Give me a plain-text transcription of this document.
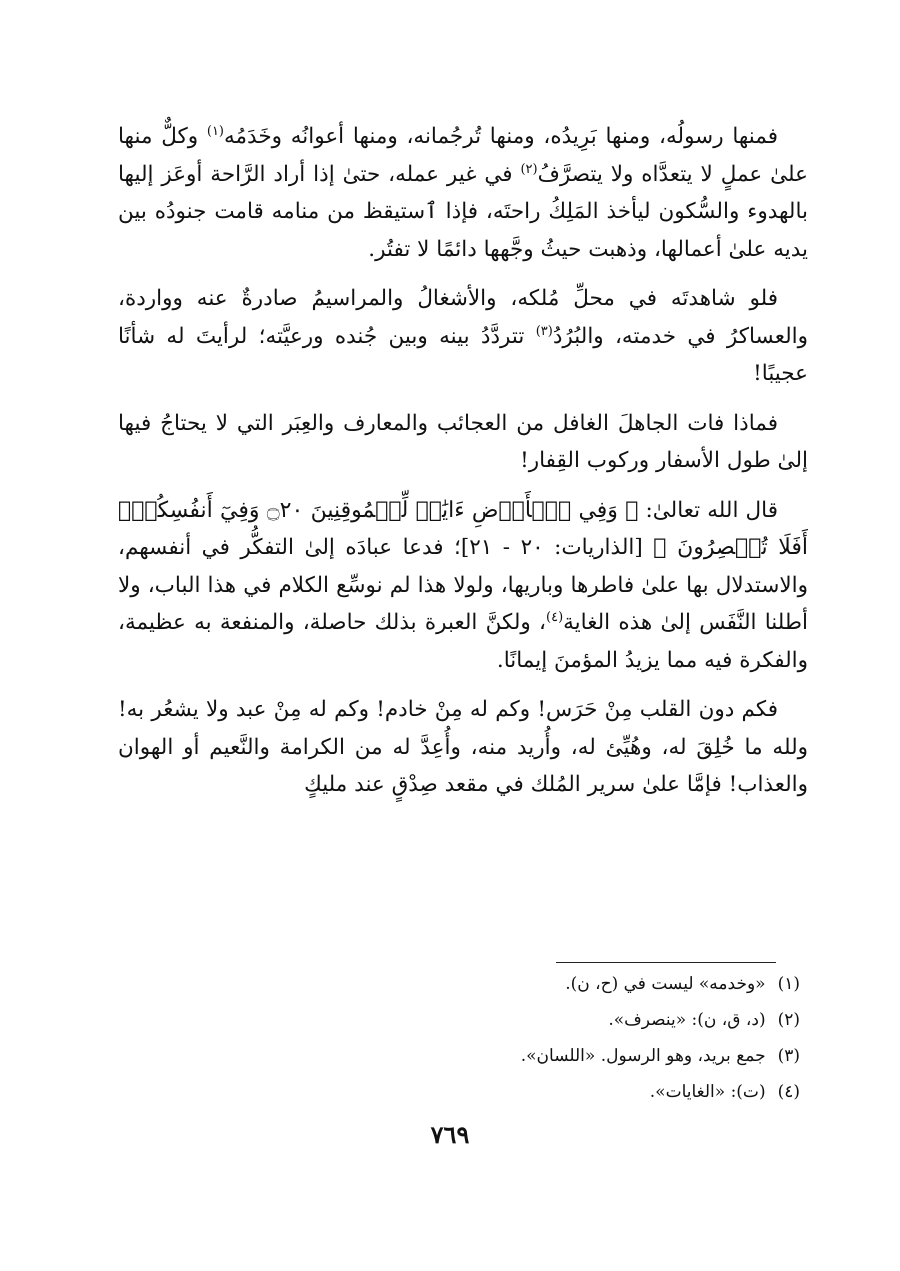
فمنها رسولُه، ومنها بَرِيدُه، ومنها تُرجُمانه، ومنها أعوانُه وخَدَمُه$^{(١)}$ وكلٌّ منها علىٰ عملٍ لا يتعدَّاه ولا يتصرَّفُ$^{(٢)}$ في غير عمله، حتىٰ إذا أراد الرَّاحة أوعَز إليها بالهدوء والسُّكون ليأخذ المَلِكُ راحتَه، فإذا ٱستيقظ من منامه قامت جنودُه بين يديه علىٰ أعمالها، وذهبت حيثُ وجَّهها دائمًا لا تفتُر.

فلو شاهدتَه في محلِّ مُلكه، والأشغالُ والمراسيمُ صادرةٌ عنه وواردة، والعساكرُ في خدمته، والبُرُدُ$^{(٣)}$ تتردَّدُ بينه وبين جُنده ورعيَّته؛ لرأيتَ له شأنًا عجيبًا!

فماذا فات الجاهلَ الغافل من العجائب والمعارف والعِبَر التي لا يحتاجُ فيها إلىٰ طول الأسفار وركوب القِفار!

قال الله تعالىٰ: ﴿ وَفِي ٱلۡأَرۡضِ ءَايَٰتٞ لِّلۡمُوقِنِينَ ۝٢٠ وَفِيٓ أَنفُسِكُمۡۚ أَفَلَا تُبۡصِرُونَ ﴾ [الذاريات: ٢٠ - ٢١]؛ فدعا عبادَه إلىٰ التفكُّر في أنفسهم، والاستدلال بها علىٰ فاطرها وباريها، ولولا هذا لم نوسِّع الكلام في هذا الباب، ولا أطلنا النَّفَس إلىٰ هذه الغاية$^{(٤)}$، ولكنَّ العبرة بذلك حاصلة، والمنفعة به عظيمة، والفكرة فيه مما يزيدُ المؤمنَ إيمانًا.

فكم دون القلب مِنْ حَرَس! وكم له مِنْ خادم! وكم له مِنْ عبد ولا يشعُر به! ولله ما خُلِقَ له، وهُيِّئ له، وأُريد منه، وأُعِدَّ له من الكرامة والنَّعيم أو الهوان والعذاب! فإمَّا علىٰ سرير المُلك في مقعد صِدْقٍ عند مليكٍ

(١)«وخدمه» ليست في (ح، ن).

(٢)(د، ق، ن): «ينصرف».

(٣)جمع بريد، وهو الرسول. «اللسان».

(٤)(ت): «الغايات».

٧٦٩
